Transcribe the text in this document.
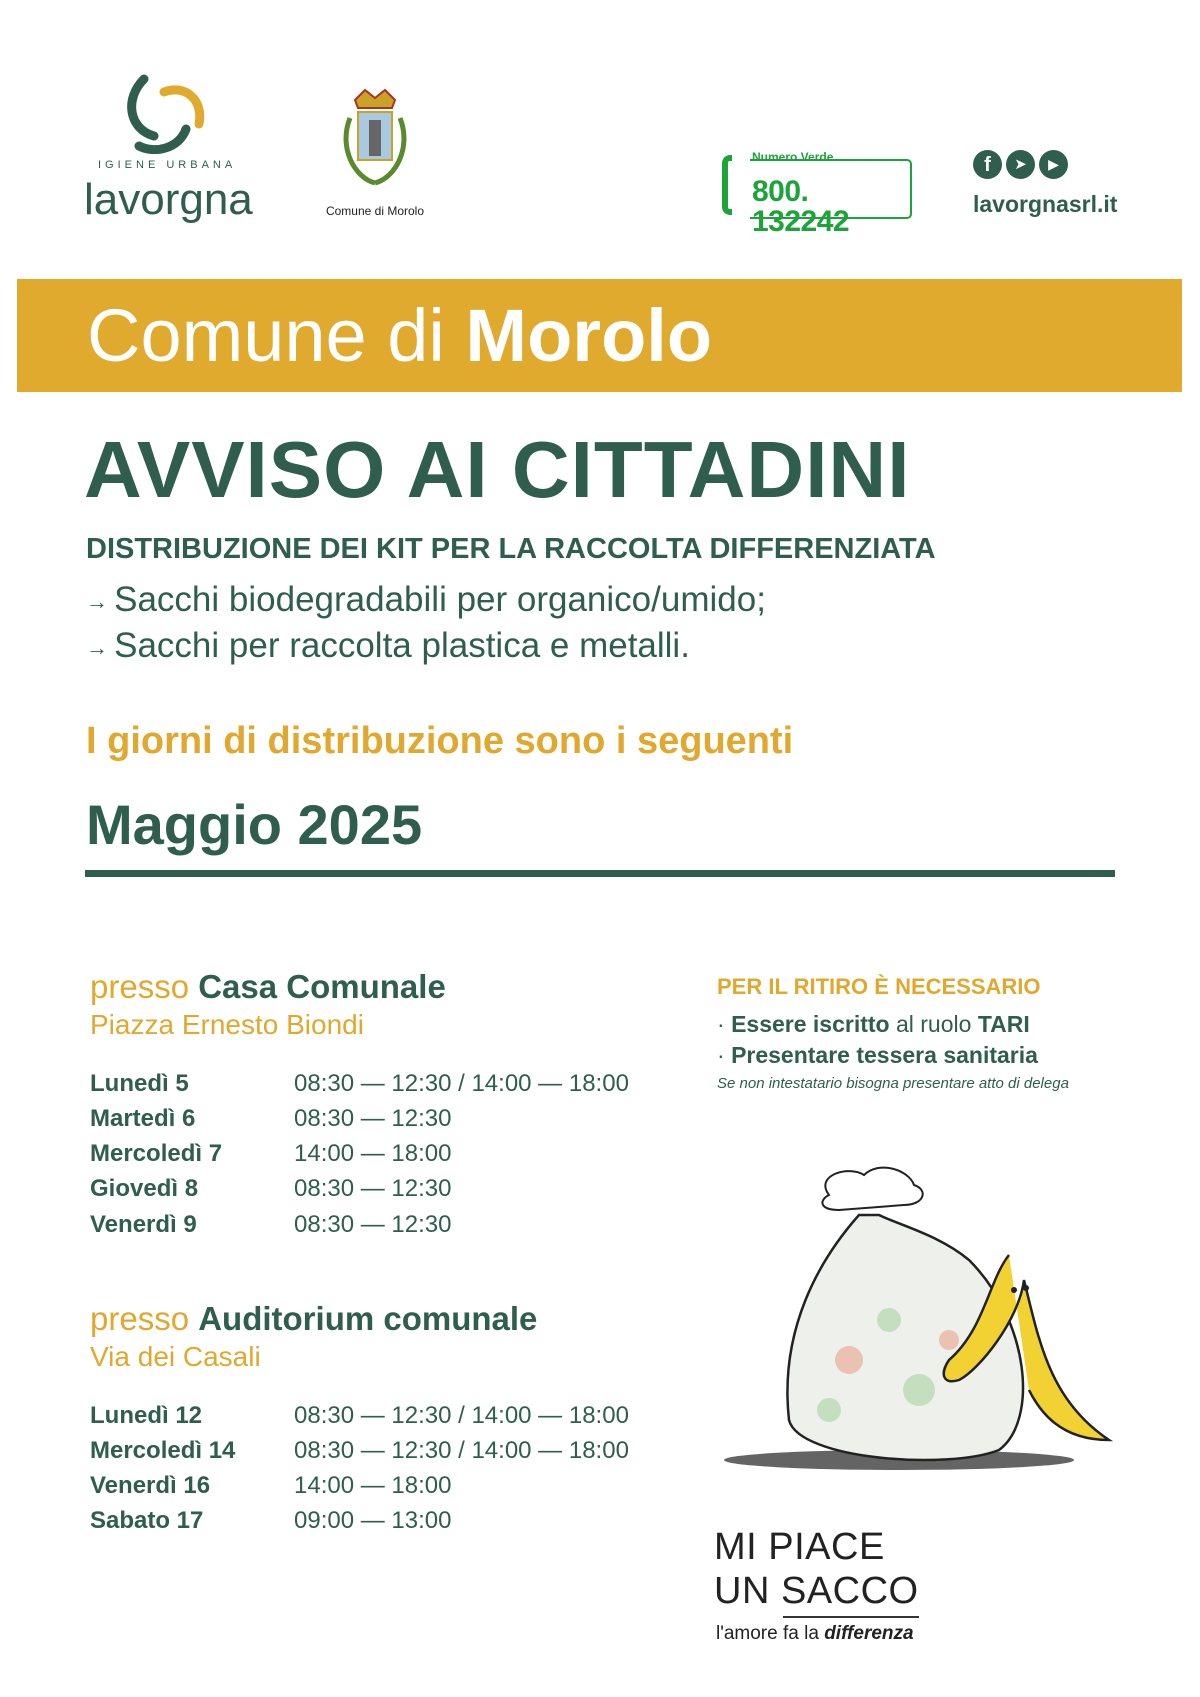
IGIENE URBANA
lavorgna	Comune di Morolo
Numero Verde
800. 132242
f	➤	▶
lavorgnasrl.it
Comune di Morolo
AVVISO AI CITTADINI
DISTRIBUZIONE DEI KIT PER LA RACCOLTA DIFFERENZIATA
→ Sacchi biodegradabili per organico/umido;
→ Sacchi per raccolta plastica e metalli.
I giorni di distribuzione sono i seguenti
Maggio 2025
presso Casa Comunale
Piazza Ernesto Biondi
Lunedì 5	08:30 — 12:30 / 14:00 — 18:00
Martedì 6	08:30 — 12:30
Mercoledì 7	14:00 — 18:00
Giovedì 8	08:30 — 12:30
Venerdì 9	08:30 — 12:30
presso Auditorium comunale
Via dei Casali
Lunedì 12	08:30 — 12:30 / 14:00 — 18:00
Mercoledì 14 08:30 — 12:30 / 14:00 — 18:00
Venerdì 16	14:00 — 18:00
Sabato 17	09:00 — 13:00
PER IL RITIRO È NECESSARIO
· Essere iscritto al ruolo TARI
· Presentare tessera sanitaria
Se non intestatario bisogna presentare atto di delega
MI PIACE
UN SACCO
l'amore fa la differenza
